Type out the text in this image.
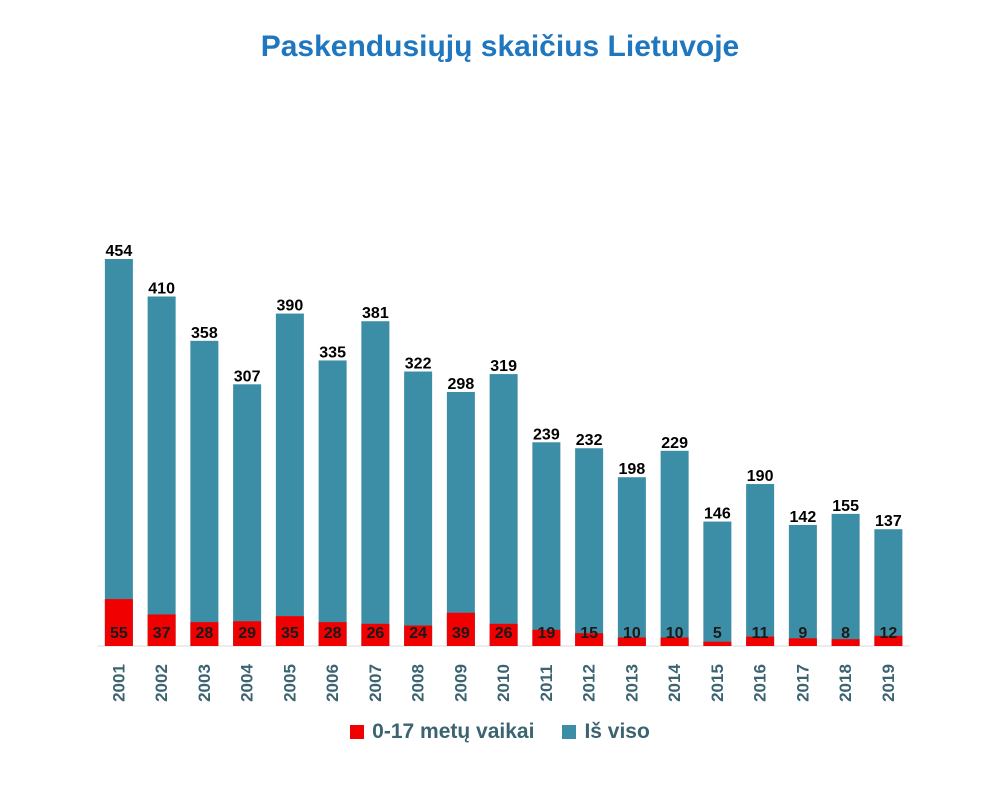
Paskendusiųjų skaičius Lietuvoje
454
55
2001
410
37
2002
358
28
2003
307
29
2004
390
35
2005
335
28
2006
381
26
2007
322
24
2008
298
39
2009
319
26
2010
239
19
2011
232
15
2012
198
10
2013
229
10
2014
146
5
2015
190
11
2016
142
9
2017
155
8
2018
137
12
2019
0-17 metų vaikai Iš viso
